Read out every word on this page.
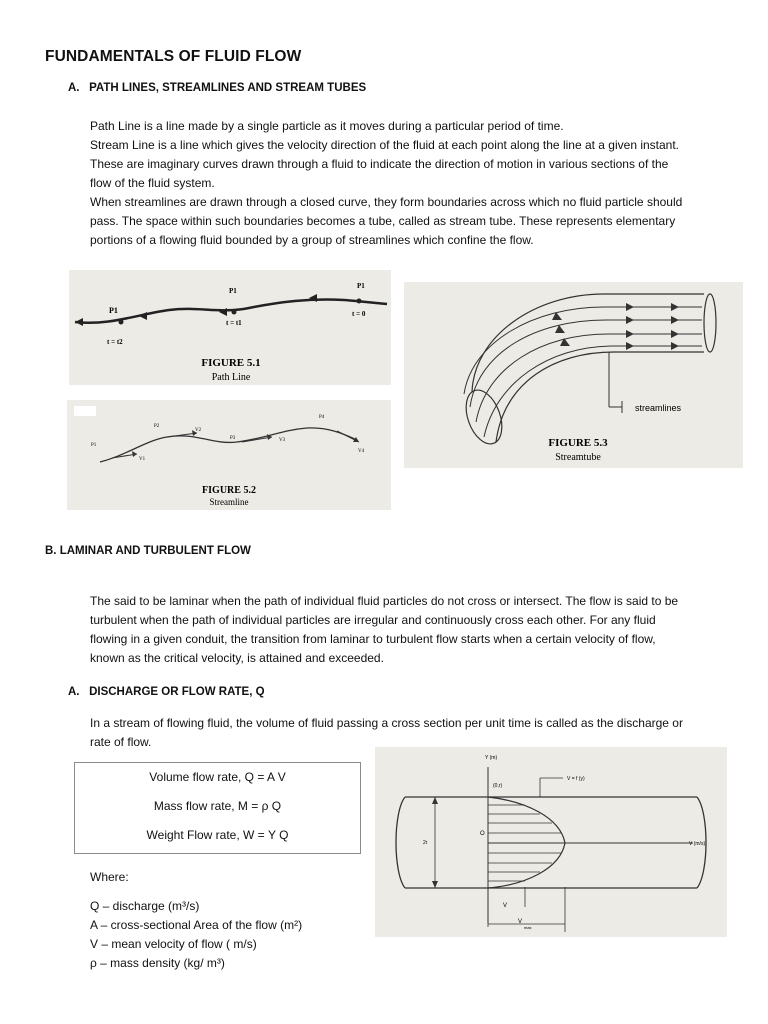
FUNDAMENTALS OF FLUID FLOW
A.   PATH LINES, STREAMLINES AND STREAM TUBES

Path Line is a line made by a single particle as it moves during a particular period of time.

Stream Line is a line which gives the velocity direction of the fluid at each point along the line at a given instant.

These are imaginary curves drawn through a fluid to indicate the direction of motion in various sections of the

flow of the fluid system.

When streamlines are drawn through a closed curve, they form boundaries across which no fluid particle should

pass. The space within such boundaries becomes a tube, called as stream tube. These represents elementary

portions of a flowing fluid bounded by a group of streamlines which confine the flow.

P1
P1
P1
t = t1
t = 0
t = t2
FIGURE 5.1
Path Line
P1
P2
P3
P4
V1
V2
V3
V4
FIGURE 5.2
Streamline
streamlines
FIGURE 5.3
Streamtube
B. LAMINAR AND TURBULENT FLOW

The said to be laminar when the path of individual fluid particles do not cross or intersect. The flow is said to be

turbulent when the path of individual particles are irregular and continuously cross each other. For any fluid

flowing in a given conduit, the transition from laminar to turbulent flow starts when a certain velocity of flow,

known as the critical velocity, is attained and exceeded.

A.   DISCHARGE OR FLOW RATE, Q

In a stream of flowing fluid, the volume of fluid passing a cross section per unit time is called as the discharge or

rate of flow.

Volume flow rate, Q = A V
Mass flow rate, M = ρ Q
Weight Flow rate, W = Υ Q
Where:
Q – discharge (m³/s)
A – cross-sectional Area of the flow (m²)
V – mean velocity of flow ( m/s)
ρ – mass density (kg/ m³)
Y (m)
(0,r)
V = f (y)
V (m/s)
2r
O
V
V
max
